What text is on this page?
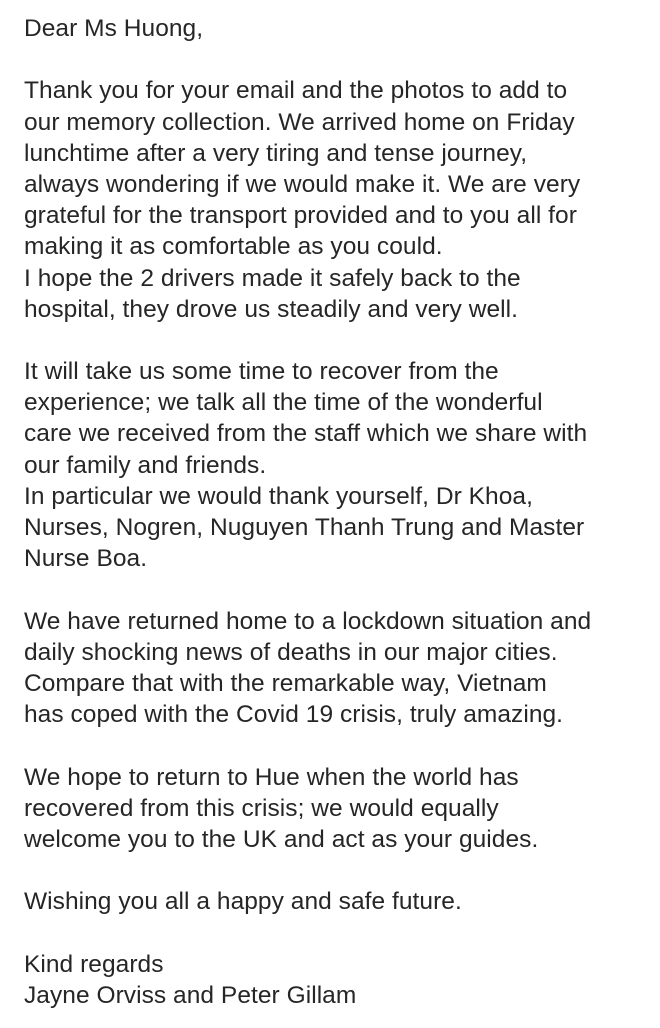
Dear Ms Huong,
Thank you for your email and the photos to add to
our memory collection. We arrived home on Friday
lunchtime after a very tiring and tense journey,
always wondering if we would make it. We are very
grateful for the transport provided and to you all for
making it as comfortable as you could.
I hope the 2 drivers made it safely back to the
hospital, they drove us steadily and very well.
It will take us some time to recover from the
experience; we talk all the time of the wonderful
care we received from the staff which we share with
our family and friends.
In particular we would thank yourself, Dr Khoa,
Nurses, Nogren, Nuguyen Thanh Trung and Master
Nurse Boa.
We have returned home to a lockdown situation and
daily shocking news of deaths in our major cities.
Compare that with the remarkable way, Vietnam
has coped with the Covid 19 crisis, truly amazing.
We hope to return to Hue when the world has
recovered from this crisis; we would equally
welcome you to the UK and act as your guides.
Wishing you all a happy and safe future.
Kind regards
Jayne Orviss and Peter Gillam
